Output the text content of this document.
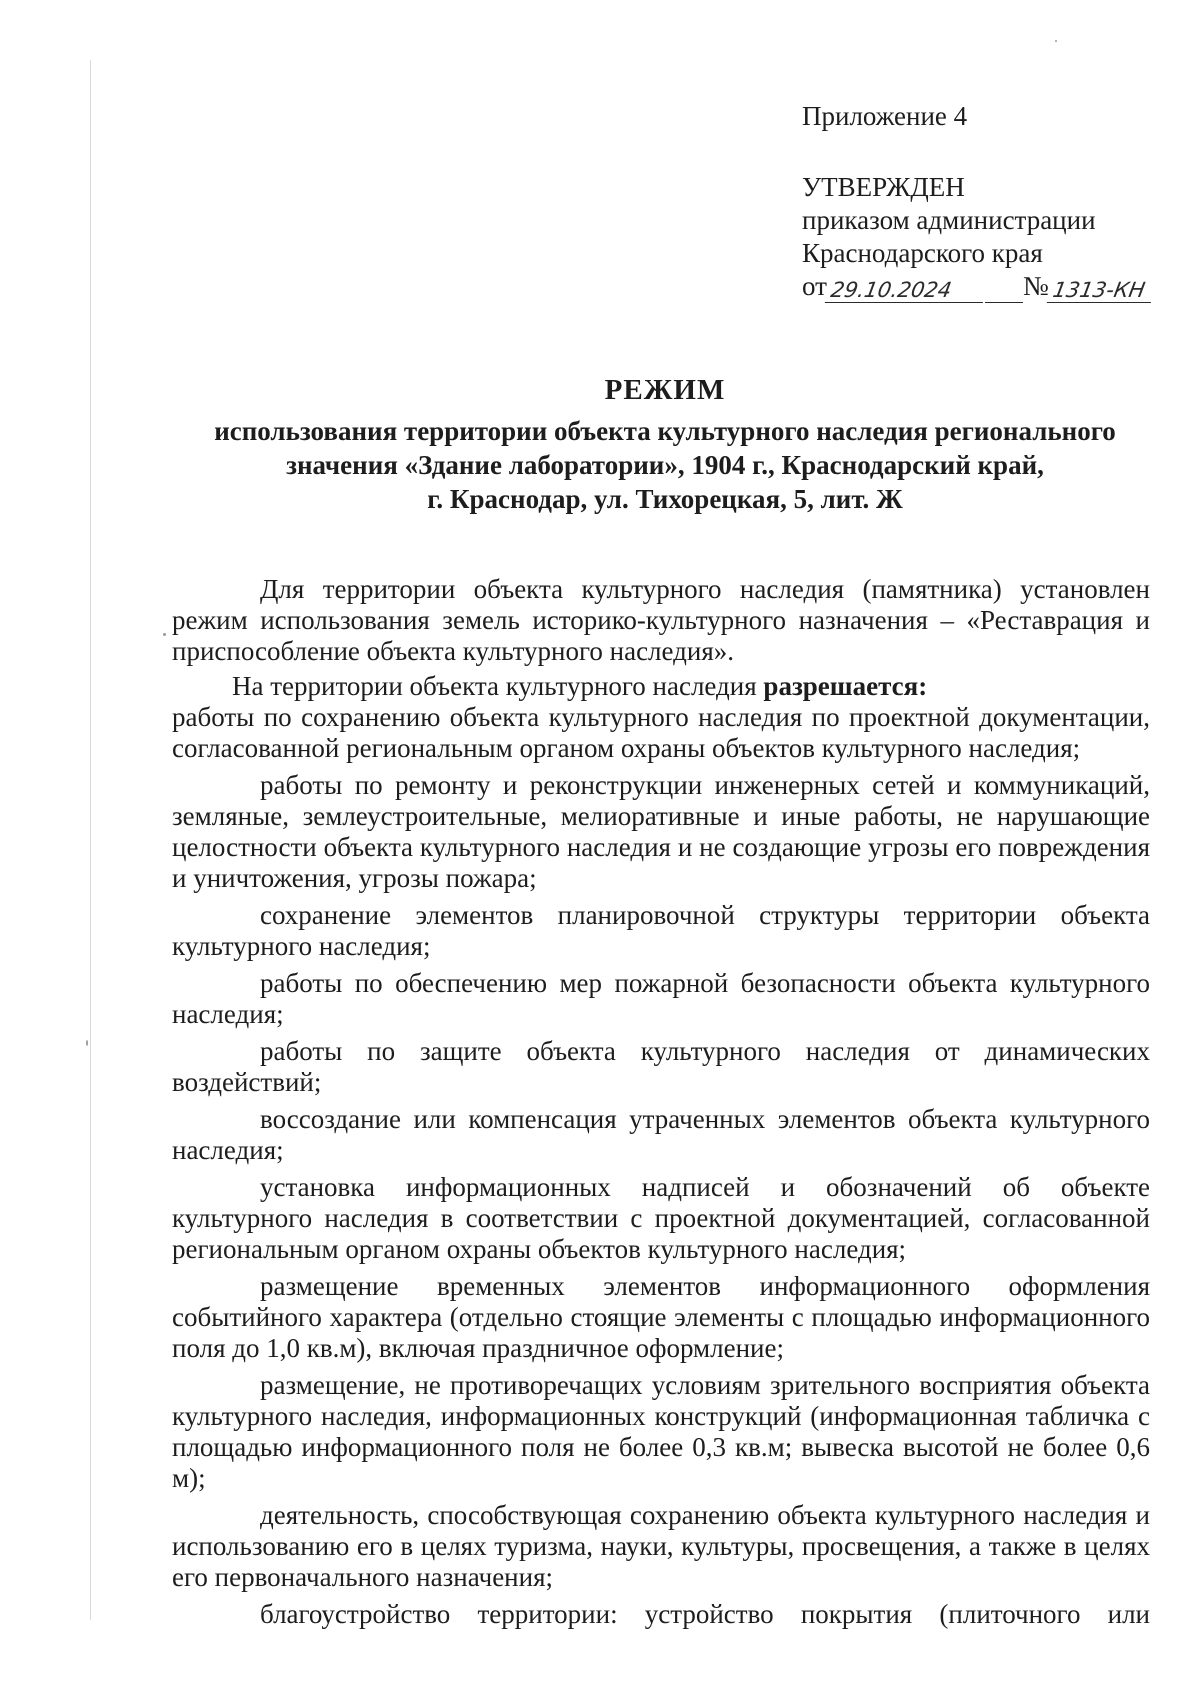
Приложение 4

УТВЕРЖДЕН

приказом администрации

Краснодарского края

от 29.10.2024	№ 1313-КН

РЕЖИМ

использования территории объекта культурного наследия регионального

значения «Здание лаборатории», 1904 г., Краснодарский край,

г. Краснодар, ул. Тихорецкая, 5, лит. Ж

Для территории объекта культурного наследия (памятника) установлен режим использования земель историко-культурного назначения – «Реставрация и приспособление объекта культурного наследия».

На территории объекта культурного наследия разрешается:

работы по сохранению объекта культурного наследия по проектной документации, согласованной региональным органом охраны объектов культурного наследия;

работы по ремонту и реконструкции инженерных сетей и коммуникаций, земляные, землеустроительные, мелиоративные и иные работы, не нарушающие целостности объекта культурного наследия и не создающие угрозы его повреждения и уничтожения, угрозы пожара;

сохранение элементов планировочной структуры территории объекта культурного наследия;

работы по обеспечению мер пожарной безопасности объекта культурного наследия;

работы по защите объекта культурного наследия от динамических воздействий;

воссоздание или компенсация утраченных элементов объекта культурного наследия;

установка информационных надписей и обозначений об объекте культурного наследия в соответствии с проектной документацией, согласованной региональным органом охраны объектов культурного наследия;

размещение временных элементов информационного оформления событийного характера (отдельно стоящие элементы с площадью информационного поля до 1,0 кв.м), включая праздничное оформление;

размещение, не противоречащих условиям зрительного восприятия объекта культурного наследия, информационных конструкций (информационная табличка с площадью информационного поля не более 0,3 кв.м; вывеска высотой не более 0,6 м);

деятельность, способствующая сохранению объекта культурного наследия и использованию его в целях туризма, науки, культуры, просвещения, а также в целях его первоначального назначения;

благоустройство территории: устройство покрытия (плиточного или
